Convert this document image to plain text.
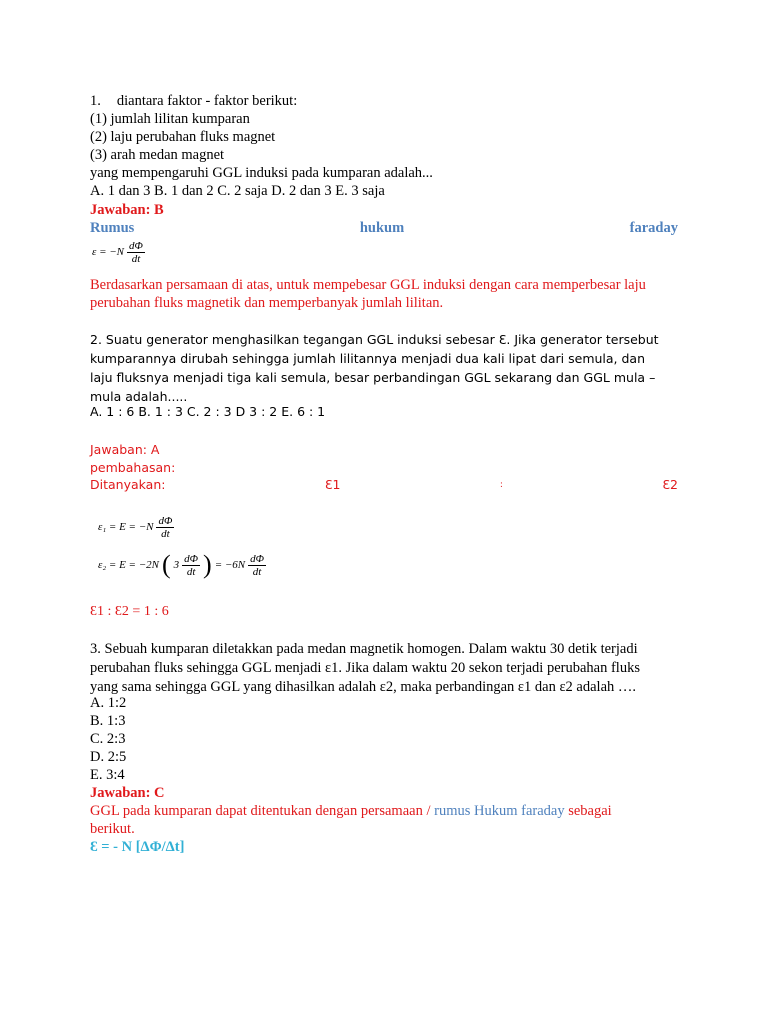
1. diantara faktor - faktor berikut:
(1) jumlah lilitan kumparan
(2) laju perubahan fluks magnet
(3) arah medan magnet
yang mempengaruhi GGL induksi pada kumparan adalah...
A. 1 dan 3 B. 1 dan 2 C. 2 saja D. 2 dan 3 E. 3 saja
Jawaban: B
Rumus	hukum	faraday
$\varepsilon = -N \frac{d\Phi}{dt}$
Berdasarkan persamaan di atas, untuk mempebesar GGL induksi dengan cara memperbesar laju
perubahan fluks magnetik dan memperbanyak jumlah lilitan.
2. Suatu generator menghasilkan tegangan GGL induksi sebesar Ɛ. Jika generator tersebut
kumparannya dirubah sehingga jumlah lilitannya menjadi dua kali lipat dari semula, dan
laju fluksnya menjadi tiga kali semula, besar perbandingan GGL sekarang dan GGL mula –
mula adalah.....
A. 1 : 6 B. 1 : 3 C. 2 : 3 D 3 : 2 E. 6 : 1
Jawaban: A
pembahasan:
Ditanyakan:	Ɛ1	:	Ɛ2
$\varepsilon_1 = E = -N \frac{d\Phi}{dt}$
ε₂ = E = −2N ( $3 \frac{d\Phi}{dt}$ ) = $-6N \frac{d\Phi}{dt}$
Ɛ1 : Ɛ2 = 1 : 6
3. Sebuah kumparan diletakkan pada medan magnetik homogen. Dalam waktu 30 detik terjadi
perubahan fluks sehingga GGL menjadi ε1. Jika dalam waktu 20 sekon terjadi perubahan fluks
yang sama sehingga GGL yang dihasilkan adalah ε2, maka perbandingan ε1 dan ε2 adalah ….
A. 1:2
B. 1:3
C. 2:3
D. 2:5
E. 3:4
Jawaban: C
GGL pada kumparan dapat ditentukan dengan persamaan / rumus Hukum faraday sebagai
berikut.
Ɛ = - N [ΔΦ/Δt]
